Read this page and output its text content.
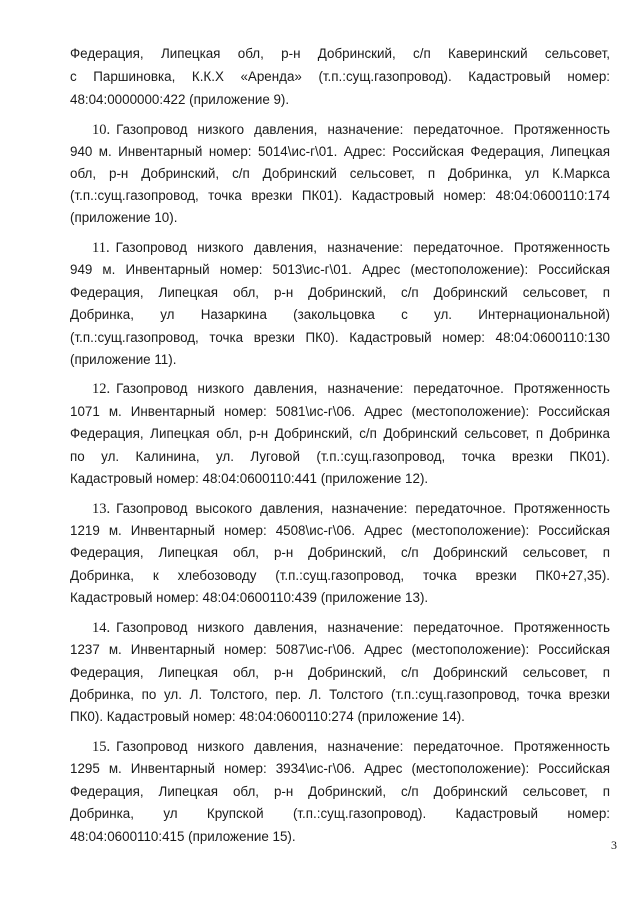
Федерация, Липецкая обл, р-н Добринский, с/п Каверинский сельсовет,
с Паршиновка, К.К.Х «Аренда» (т.п.:сущ.газопровод). Кадастровый номер:
48:04:0000000:422 (приложение 9).
10. Газопровод низкого давления, назначение: передаточное. Протяженность
940 м. Инвентарный номер: 5014\ис-г\01. Адрес: Российская Федерация, Липецкая
обл, р-н Добринский, с/п Добринский сельсовет, п Добринка, ул К.Маркса
(т.п.:сущ.газопровод, точка врезки ПК01). Кадастровый номер: 48:04:0600110:174
(приложение 10).
11. Газопровод низкого давления, назначение: передаточное. Протяженность
949 м. Инвентарный номер: 5013\ис-г\01. Адрес (местоположение): Российская
Федерация, Липецкая обл, р-н Добринский, с/п Добринский сельсовет, п
Добринка, ул Назаркина (закольцовка с ул. Интернациональной)
(т.п.:сущ.газопровод, точка врезки ПК0). Кадастровый номер: 48:04:0600110:130
(приложение 11).
12. Газопровод низкого давления, назначение: передаточное. Протяженность
1071 м. Инвентарный номер: 5081\ис-г\06. Адрес (местоположение): Российская
Федерация, Липецкая обл, р-н Добринский, с/п Добринский сельсовет, п Добринка
по ул. Калинина, ул. Луговой (т.п.:сущ.газопровод, точка врезки ПК01).
Кадастровый номер: 48:04:0600110:441 (приложение 12).
13. Газопровод высокого давления, назначение: передаточное. Протяженность
1219 м. Инвентарный номер: 4508\ис-г\06. Адрес (местоположение): Российская
Федерация, Липецкая обл, р-н Добринский, с/п Добринский сельсовет, п
Добринка, к хлебозоводу (т.п.:сущ.газопровод, точка врезки ПК0+27,35).
Кадастровый номер: 48:04:0600110:439 (приложение 13).
14. Газопровод низкого давления, назначение: передаточное. Протяженность
1237 м. Инвентарный номер: 5087\ис-г\06. Адрес (местоположение): Российская
Федерация, Липецкая обл, р-н Добринский, с/п Добринский сельсовет, п
Добринка, по ул. Л. Толстого, пер. Л. Толстого (т.п.:сущ.газопровод, точка врезки
ПК0). Кадастровый номер: 48:04:0600110:274 (приложение 14).
15. Газопровод низкого давления, назначение: передаточное. Протяженность
1295 м. Инвентарный номер: 3934\ис-г\06. Адрес (местоположение): Российская
Федерация, Липецкая обл, р-н Добринский, с/п Добринский сельсовет, п
Добринка, ул Крупской (т.п.:сущ.газопровод). Кадастровый номер:
48:04:0600110:415 (приложение 15).
3
